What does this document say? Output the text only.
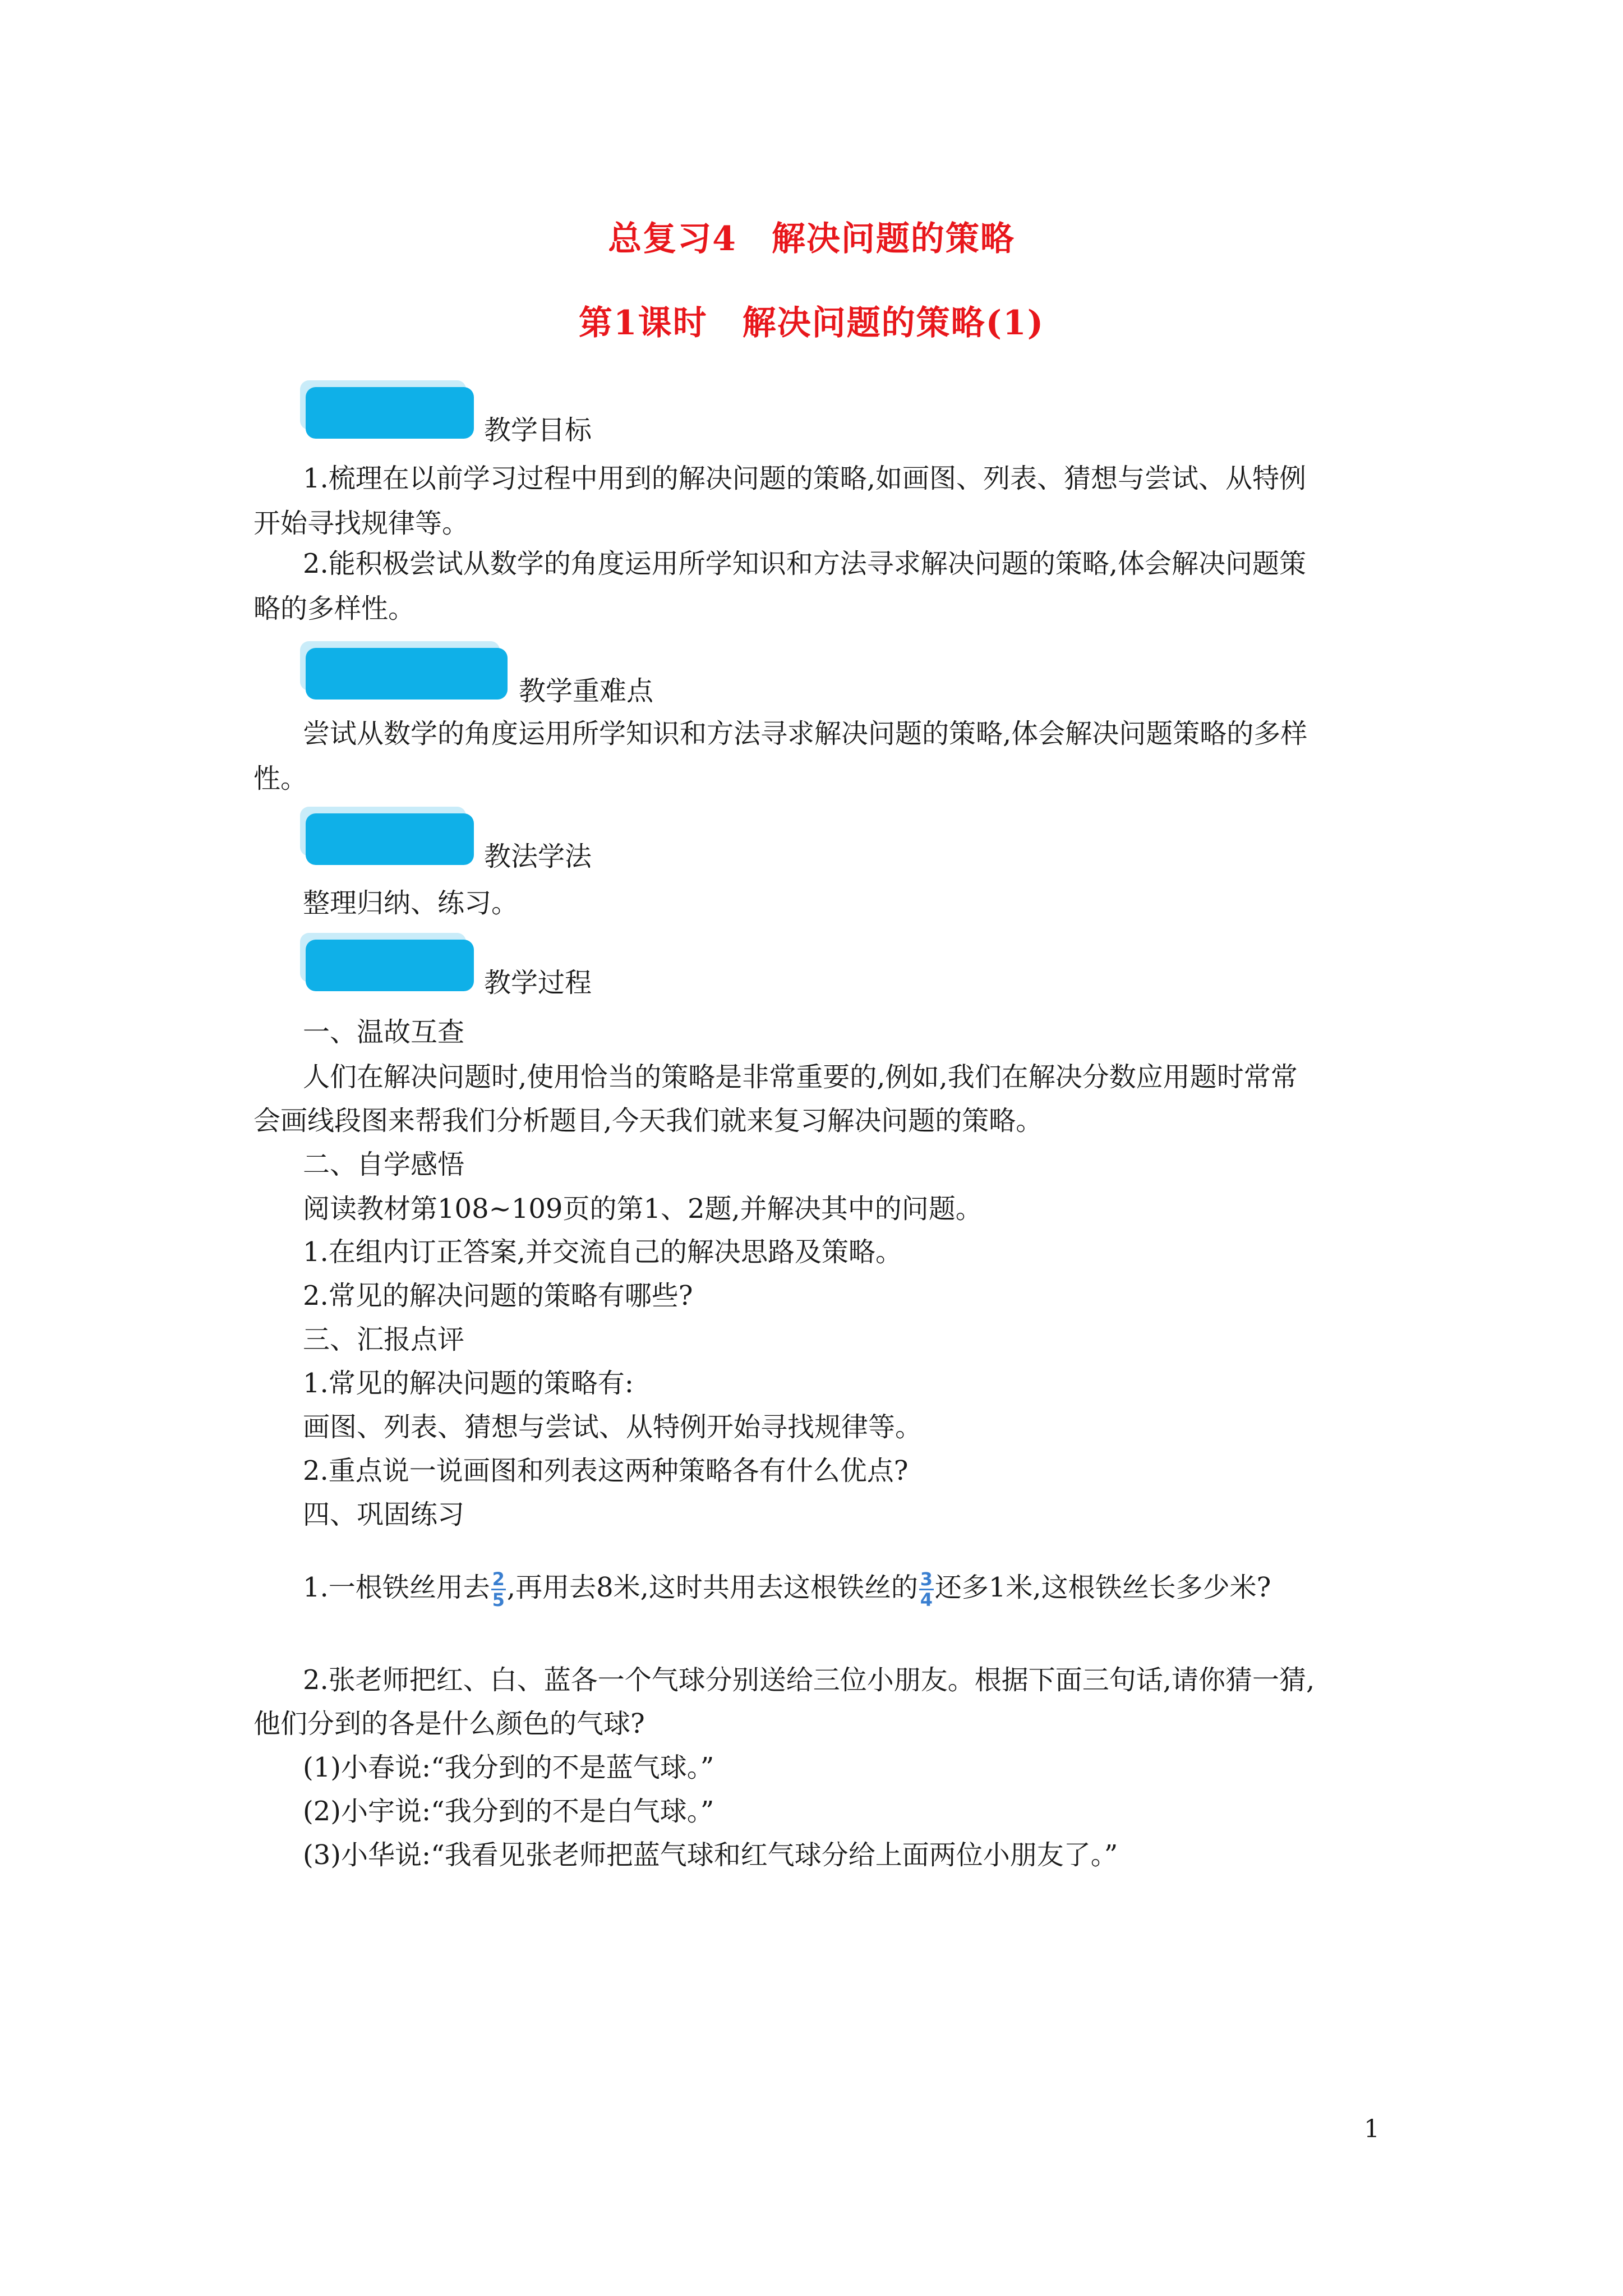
总复习4　解决问题的策略
第1课时　解决问题的策略(1)
教学目标
1.梳理在以前学习过程中用到的解决问题的策略,如画图、列表、猜想与尝试、从特例
开始寻找规律等。
2.能积极尝试从数学的角度运用所学知识和方法寻求解决问题的策略,体会解决问题策
略的多样性。
教学重难点
尝试从数学的角度运用所学知识和方法寻求解决问题的策略,体会解决问题策略的多样
性。
教法学法
整理归纳、练习。
教学过程
一、温故互查
人们在解决问题时,使用恰当的策略是非常重要的,例如,我们在解决分数应用题时常常
会画线段图来帮我们分析题目,今天我们就来复习解决问题的策略。
二、自学感悟
阅读教材第108~109页的第1、2题,并解决其中的问题。
1.在组内订正答案,并交流自己的解决思路及策略。
2.常见的解决问题的策略有哪些?
三、汇报点评
1.常见的解决问题的策略有:
画图、列表、猜想与尝试、从特例开始寻找规律等。
2.重点说一说画图和列表这两种策略各有什么优点?
四、巩固练习
1.一根铁丝用去 $\frac{2}{5}$ ,再用去8米,这时共用去这根铁丝的 $\frac{3}{4}$ 还多1米,这根铁丝长多少米?
2.张老师把红、白、蓝各一个气球分别送给三位小朋友。根据下面三句话,请你猜一猜,
他们分到的各是什么颜色的气球?
(1)小春说:“我分到的不是蓝气球。”
(2)小宇说:“我分到的不是白气球。”
(3)小华说:“我看见张老师把蓝气球和红气球分给上面两位小朋友了。”
1
